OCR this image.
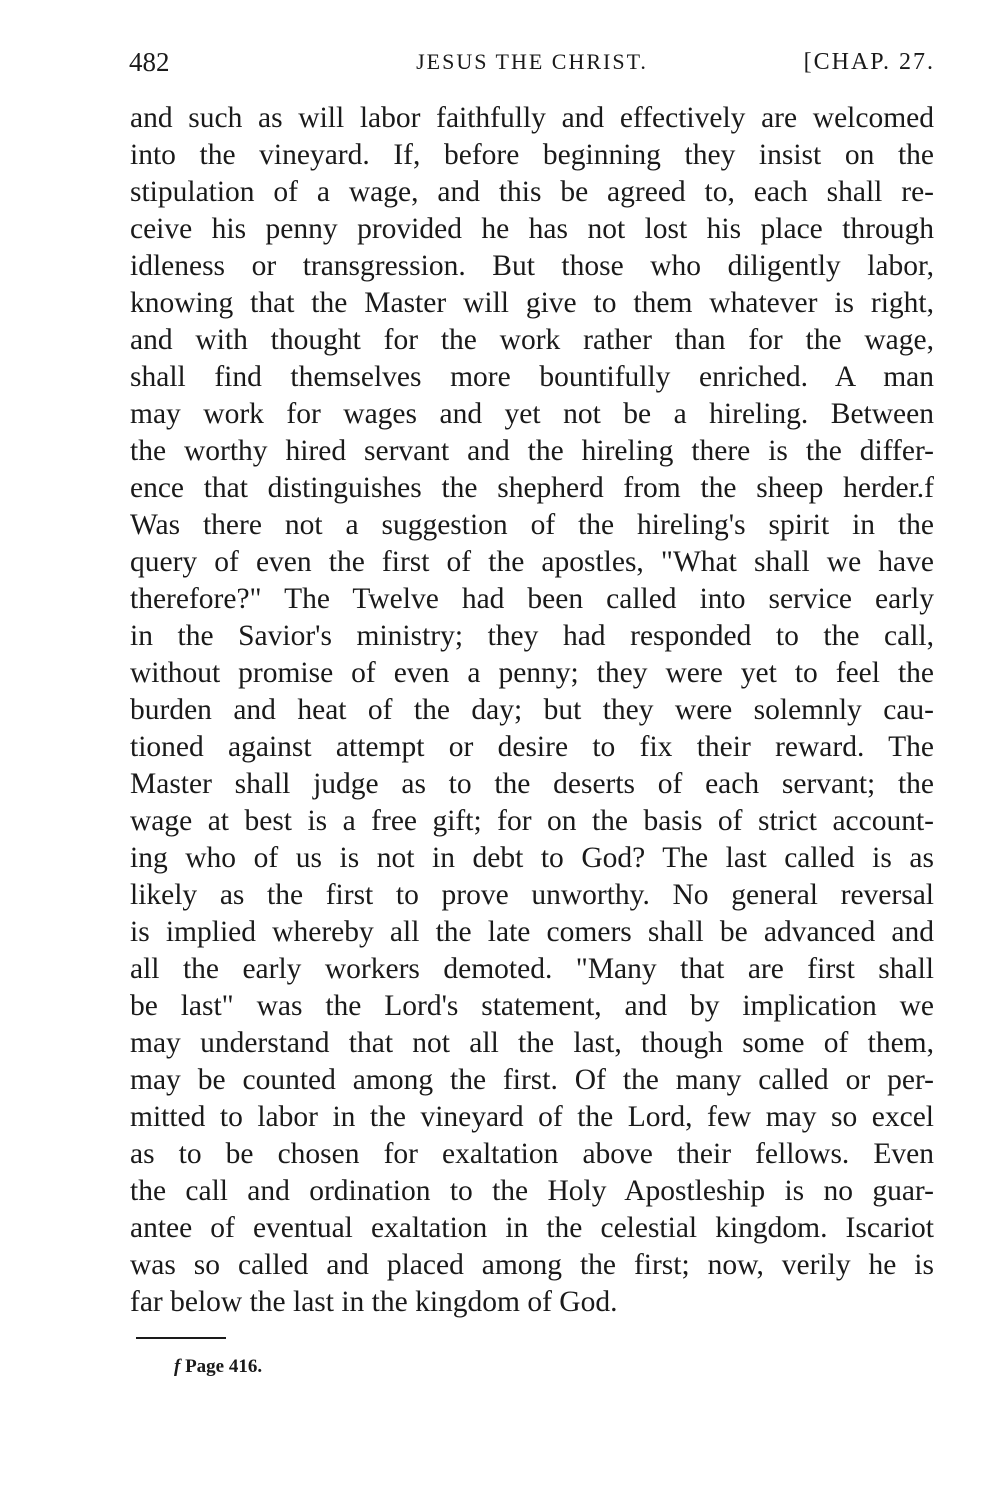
482	JESUS THE CHRIST.	[CHAP. 27.
and such as will labor faithfully and effectively are welcomed
into the vineyard. If, before beginning they insist on the
stipulation of a wage, and this be agreed to, each shall re-
ceive his penny provided he has not lost his place through
idleness or transgression. But those who diligently labor,
knowing that the Master will give to them whatever is right,
and with thought for the work rather than for the wage,
shall find themselves more bountifully enriched. A man
may work for wages and yet not be a hireling. Between
the worthy hired servant and the hireling there is the differ-
ence that distinguishes the shepherd from the sheep herder.f
Was there not a suggestion of the hireling's spirit in the
query of even the first of the apostles, "What shall we have
therefore?" The Twelve had been called into service early
in the Savior's ministry; they had responded to the call,
without promise of even a penny; they were yet to feel the
burden and heat of the day; but they were solemnly cau-
tioned against attempt or desire to fix their reward. The
Master shall judge as to the deserts of each servant; the
wage at best is a free gift; for on the basis of strict account-
ing who of us is not in debt to God? The last called is as
likely as the first to prove unworthy. No general reversal
is implied whereby all the late comers shall be advanced and
all the early workers demoted. "Many that are first shall
be last" was the Lord's statement, and by implication we
may understand that not all the last, though some of them,
may be counted among the first. Of the many called or per-
mitted to labor in the vineyard of the Lord, few may so excel
as to be chosen for exaltation above their fellows. Even
the call and ordination to the Holy Apostleship is no guar-
antee of eventual exaltation in the celestial kingdom. Iscariot
was so called and placed among the first; now, verily he is
far below the last in the kingdom of God.
f Page 416.
